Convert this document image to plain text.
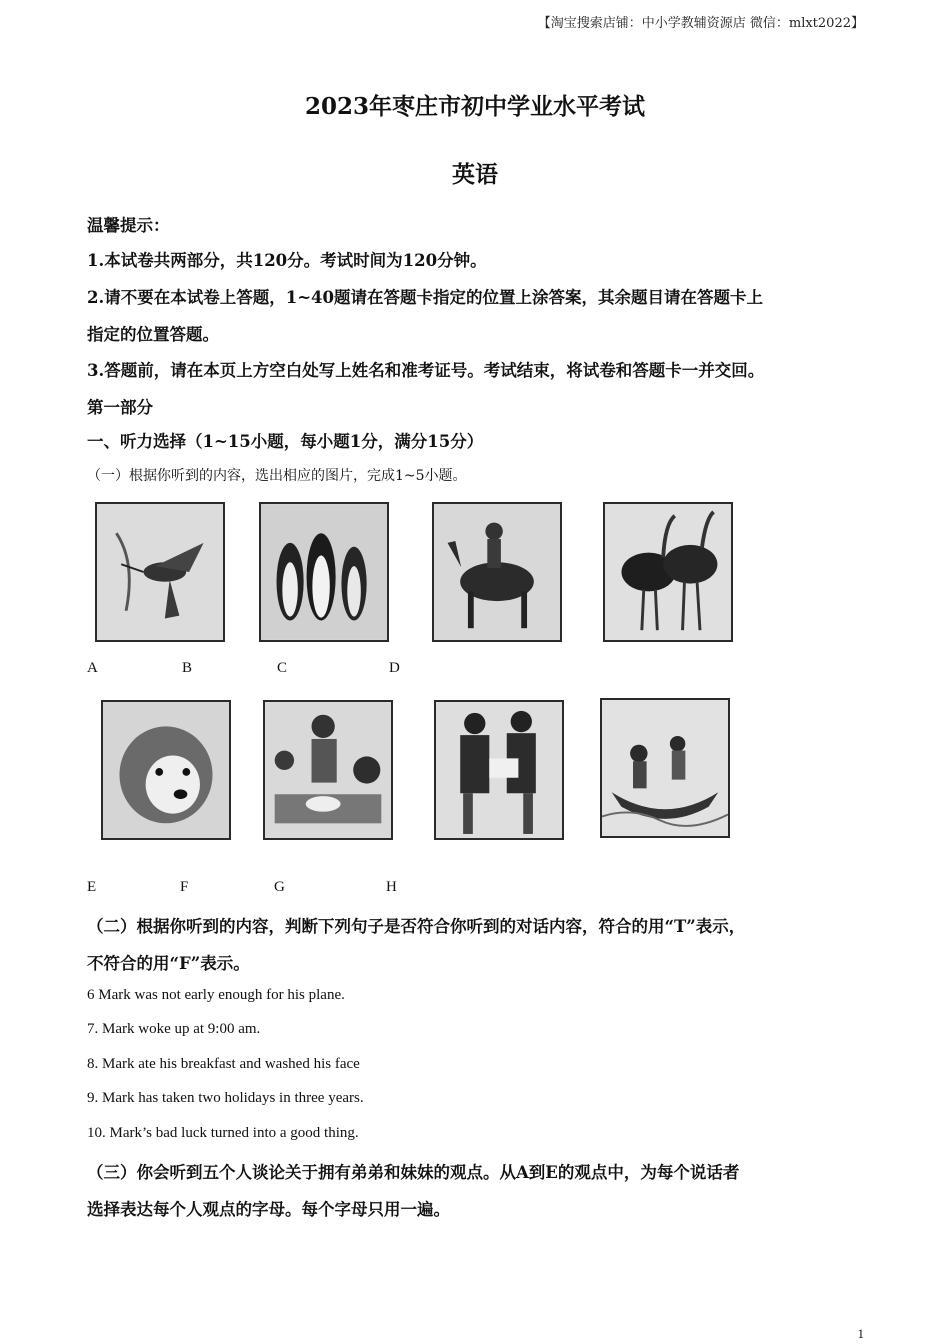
【淘宝搜索店铺：中小学教辅资源店 微信：mlxt2022】
2023年枣庄市初中学业水平考试
英语
温馨提示：
1.本试卷共两部分，共120分。考试时间为120分钟。
2.请不要在本试卷上答题，1~40题请在答题卡指定的位置上涂答案，其余题目请在答题卡上
指定的位置答题。
3.答题前，请在本页上方空白处写上姓名和准考证号。考试结束，将试卷和答题卡一并交回。
第一部分
一、听力选择（1~15小题，每小题1分，满分15分）
（一）根据你听到的内容，选出相应的图片，完成1~5小题。
A	B	C	D
E	F	G	H
（二）根据你听到的内容，判断下列句子是否符合你听到的对话内容，符合的用“T”表示，
不符合的用“F”表示。
6 Mark was not early enough for his plane.
7. Mark woke up at 9:00 am.
8. Mark ate his breakfast and washed his face
9. Mark has taken two holidays in three years.
10. Mark’s bad luck turned into a good thing.
（三）你会听到五个人谈论关于拥有弟弟和妹妹的观点。从A到E的观点中，为每个说话者
选择表达每个人观点的字母。每个字母只用一遍。
1
